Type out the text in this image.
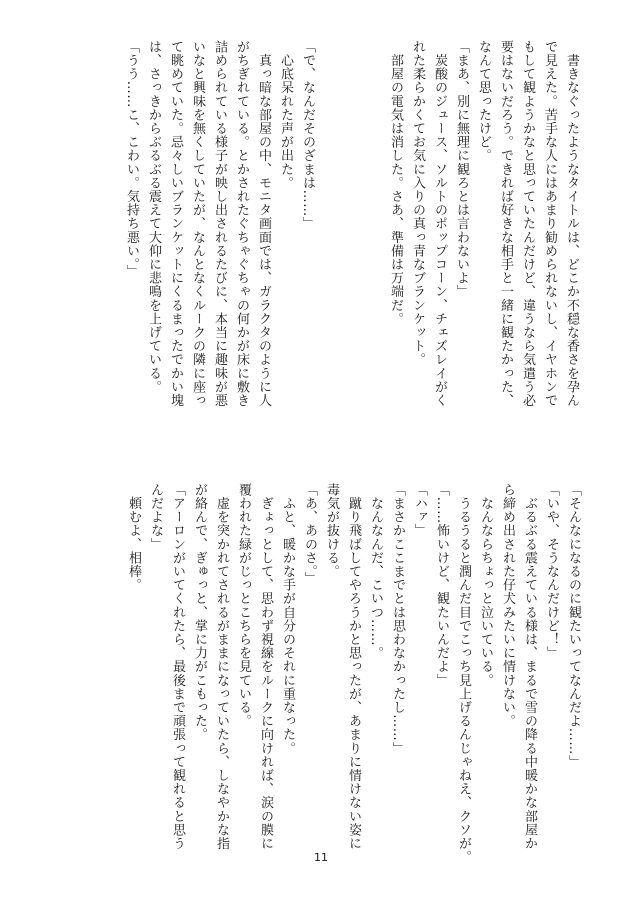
　書きなぐったようなタイトルは、どこか不穏な香さを孕ん
で見えた。苦手な人にはあまり勧められないし、イヤホンで
もして観ようかなと思っていたんだけど、違うなら気遣う必
要はないだろう。できれば好きな相手と一緒に観たかった、
なんて思ったけど。
「まあ、別に無理に観ろとは言わないよ」
　炭酸のジュース、ソルトのポップコーン、チェズレイがく
れた柔らかくてお気に入りの真っ青なブランケット。
　部屋の電気は消した。さあ、準備は万端だ。

「で、なんだそのざまは……」
　心底呆れた声が出た。
　真っ暗な部屋の中、モニタ画面では、ガラクタのように人
がちぎれている。とかされたぐちゃぐちゃの何かが床に敷き
詰められている様子が映し出されるたびに、本当に趣味が悪
いなと興味を無くしていたが、なんとなくルークの隣に座っ
て眺めていた。忌々しいブランケットにくるまったでかい塊
は、さっきからぶるぶる震えて大仰に悲鳴を上げている。
「うう……こ、こわい。気持ち悪い。」
「そんなになるのに観たいってなんだよ……」
「いや、そうなんだけど！」
　ぶるぶる震えている様は、まるで雪の降る中暖かな部屋か
ら締め出された仔犬みたいに情けない。
　なんならちょっと泣いている。
　うるうると潤んだ目でこっち見上げるんじゃねえ、クソが。
「……怖いけど、観たいんだよ」
「ハァ」
「まさかここまでとは思わなかったし……」
　なんなんだ、こいつ……。
　蹴り飛ばしてやろうかと思ったが、あまりに情けない姿に
毒気が抜ける。
「あ、あのさ。」
　ふと、暖かな手が自分のそれに重なった。
　ぎょっとして、思わず視線をルークに向ければ、涙の膜に
覆われた緑がじっとこちらを見ている。
　虚を突かれてされるがままになっていたら、しなやかな指
が絡んで、ぎゅっと、掌に力がこもった。
「アーロンがいてくれたら、最後まで頑張って観れると思う
んだよな」
　頼むよ、相棒。
11
